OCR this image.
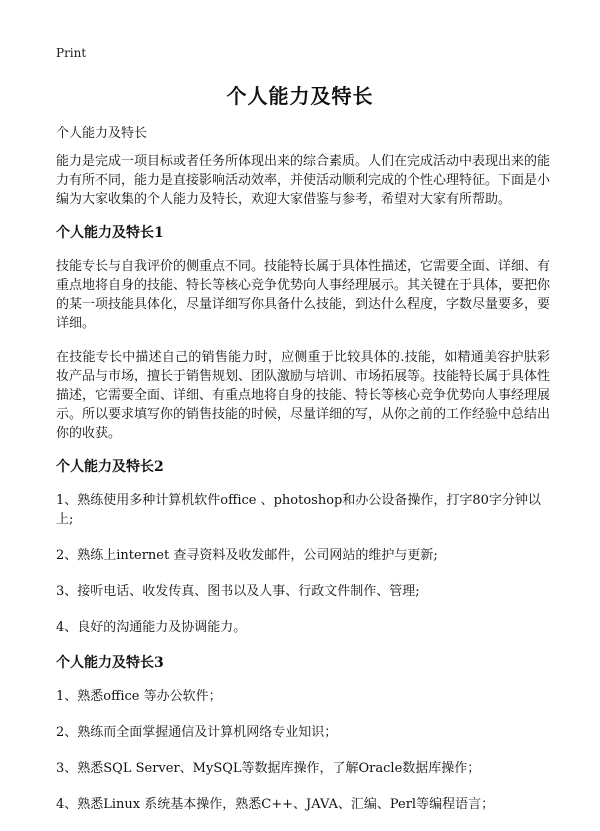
Print
个人能力及特长
个人能力及特长

能力是完成一项目标或者任务所体现出来的综合素质。人们在完成活动中表现出来的能力有所不同，能力是直接影响活动效率，并使活动顺利完成的个性心理特征。下面是小编为大家收集的个人能力及特长，欢迎大家借鉴与参考，希望对大家有所帮助。

个人能力及特长1

技能专长与自我评价的侧重点不同。技能特长属于具体性描述，它需要全面、详细、有重点地将自身的技能、特长等核心竞争优势向人事经理展示。其关键在于具体，要把你的某一项技能具体化，尽量详细写你具备什么技能，到达什么程度，字数尽量要多，要详细。

在技能专长中描述自己的销售能力时，应侧重于比较具体的.技能，如精通美容护肤彩妆产品与市场，擅长于销售规划、团队激励与培训、市场拓展等。技能特长属于具体性描述，它需要全面、详细、有重点地将自身的技能、特长等核心竞争优势向人事经理展示。所以要求填写你的销售技能的时候，尽量详细的写，从你之前的工作经验中总结出你的收获。

个人能力及特长2
1、熟练使用多种计算机软件office 、photoshop和办公设备操作，打字80字分钟以上;
2、熟练上internet 查寻资料及收发邮件，公司网站的维护与更新;
3、接听电话、收发传真、图书以及人事、行政文件制作、管理;
4、良好的沟通能力及协调能力。
个人能力及特长3
1、熟悉office 等办公软件；
2、熟练而全面掌握通信及计算机网络专业知识；
3、熟悉SQL Server、MySQL等数据库操作，了解Oracle数据库操作；
4、熟悉Linux 系统基本操作，熟悉C++、JAVA、汇编、Perl等编程语言；
